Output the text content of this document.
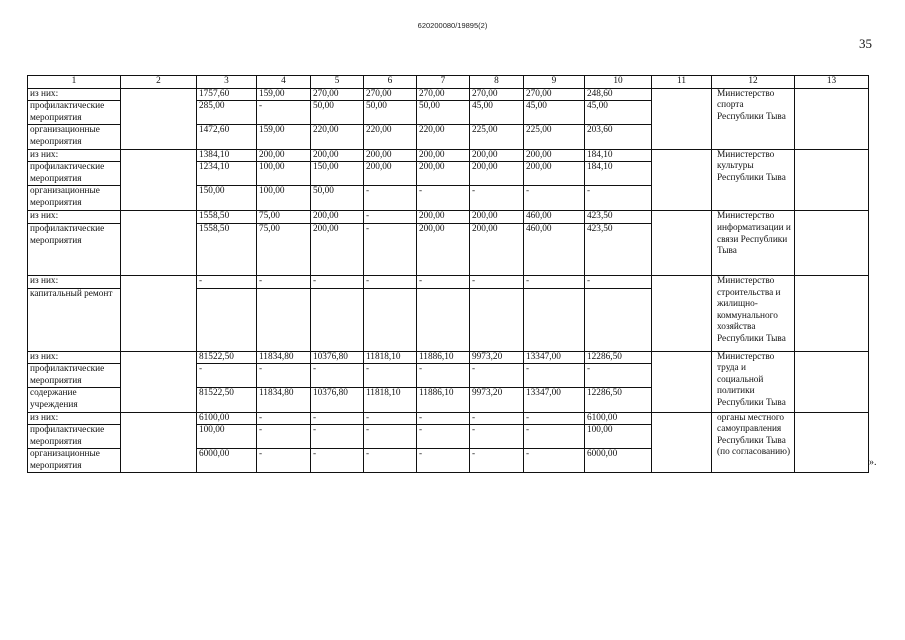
620200080/19895(2)
35
1	2	3	4	5	6	7	8	9	10	11	12	13
из них:		1757,60	159,00	270,00	270,00	270,00	270,00	270,00	248,60		Министерство спорта Республики Тыва	
профилактические мероприятия		285,00	-	50,00	50,00	50,00	45,00	45,00	45,00			
организационные мероприятия		1472,60	159,00	220,00	220,00	220,00	225,00	225,00	203,60			
из них:		1384,10	200,00	200,00	200,00	200,00	200,00	200,00	184,10		Министерство культуры Республики Тыва	
профилактические мероприятия		1234,10	100,00	150,00	200,00	200,00	200,00	200,00	184,10			
организационные мероприятия		150,00	100,00	50,00	-	-	-	-	-			
из них:		1558,50	75,00	200,00	-	200,00	200,00	460,00	423,50		Министерство информатизации и связи Республики Тыва	
профилактические мероприятия		1558,50	75,00	200,00	-	200,00	200,00	460,00	423,50			
из них:		-	-	-	-	-	-	-	-		Министерство строительства и жилищно-коммунального хозяйства Республики Тыва	
капитальный ремонт												
из них:		81522,50	11834,80	10376,80	11818,10	11886,10	9973,20	13347,00	12286,50		Министерство труда и социальной политики Республики Тыва	
профилактические мероприятия		-	-	-	-	-	-	-	-			
содержание учреждения		81522,50	11834,80	10376,80	11818,10	11886,10	9973,20	13347,00	12286,50			
из них:		6100,00	-	-	-	-	-	-	6100,00		органы местного самоуправления Республики Тыва (по согласованию)	
профилактические мероприятия		100,00	-	-	-	-	-	-	100,00			
организационные мероприятия		6000,00	-	-	-	-	-	-	6000,00			
».
